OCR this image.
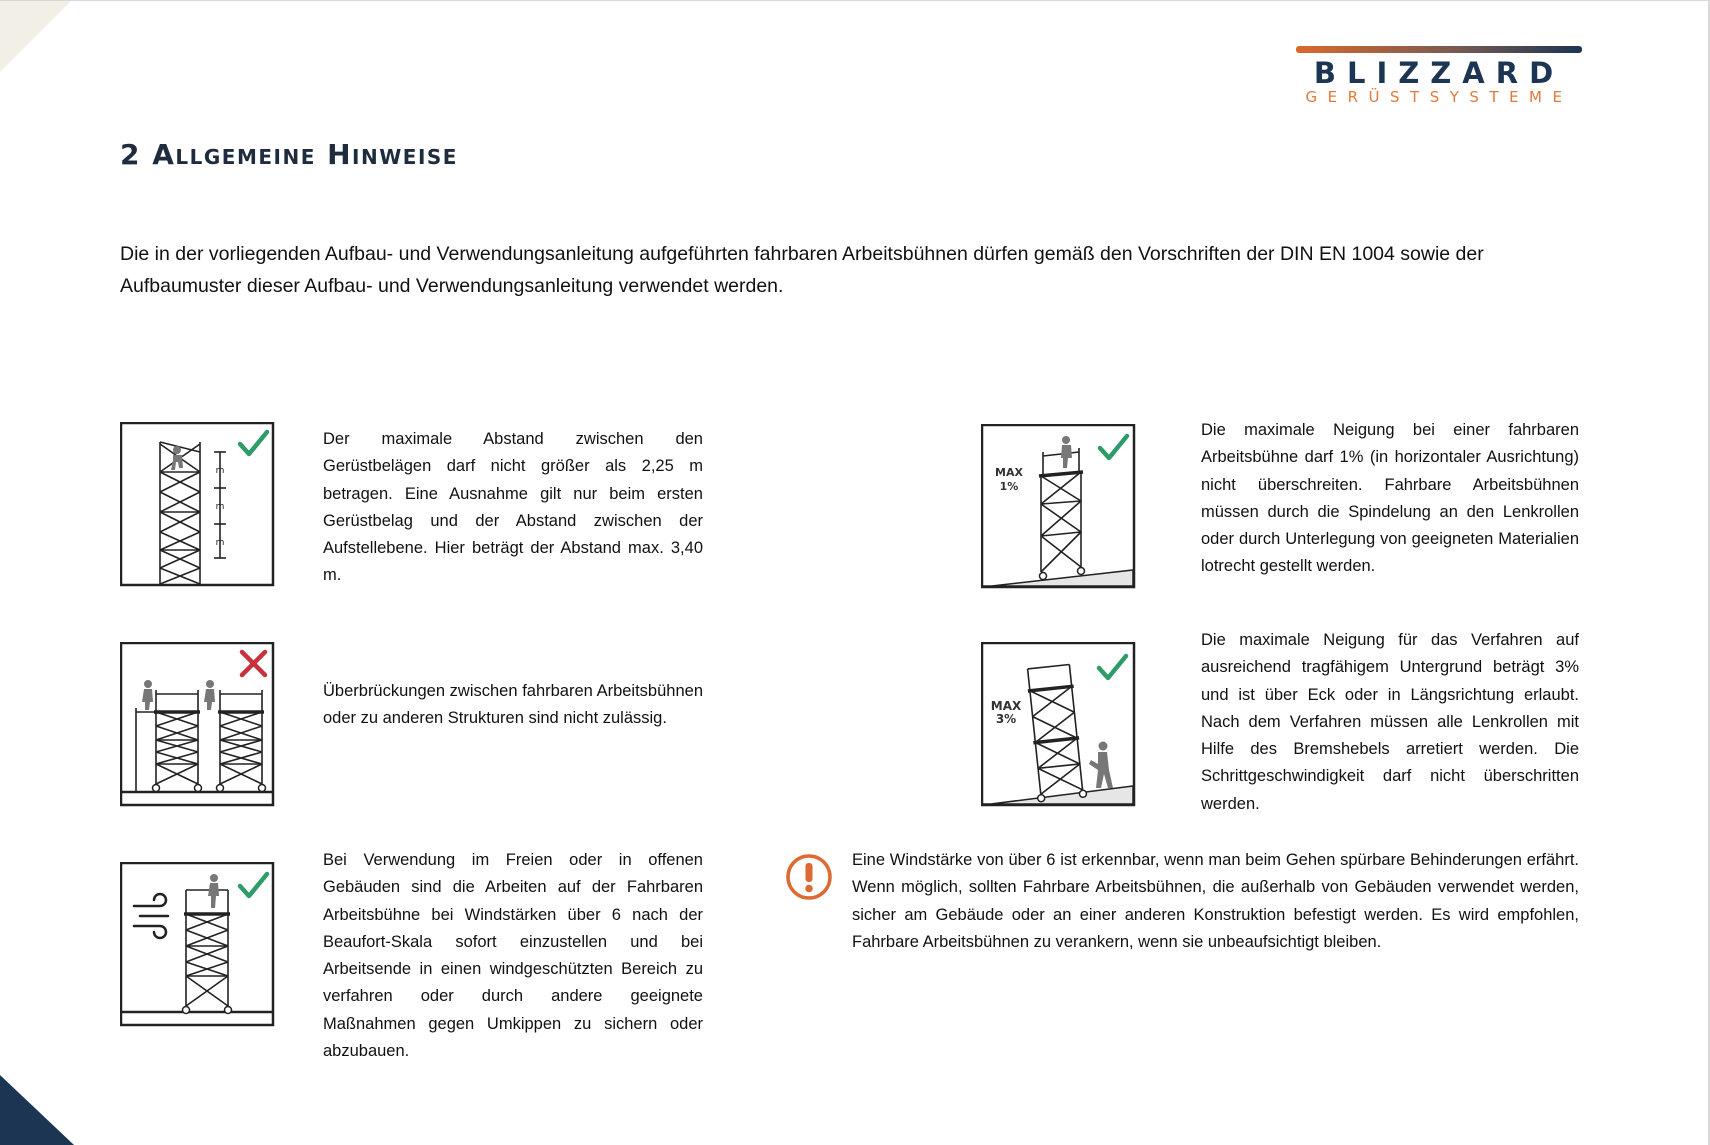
BLIZZARD
GERÜSTSYSTEME
2 Allgemeine Hinweise

Die in der vorliegenden Aufbau- und Verwendungsanleitung aufgeführten fahrbaren Arbeitsbühnen dürfen gemäß den Vorschriften der DIN EN 1004 sowie der Aufbaumuster dieser Aufbau- und Verwendungsanleitung verwendet werden.

m
m
m

Der maximale Abstand zwischen den Gerüstbelägen darf nicht größer als 2,25 m betragen. Eine Ausnahme gilt nur beim ersten Gerüstbelag und der Abstand zwischen der Aufstellebene. Hier beträgt der Abstand max. 3,40 m.

MAX
1%

Die maximale Neigung bei einer fahrbaren Arbeitsbühne darf 1% (in horizontaler Ausrichtung) nicht überschreiten. Fahrbare Arbeitsbühnen müssen durch die Spindelung an den Lenkrollen oder durch Unterlegung von geeigneten Materialien lotrecht gestellt werden.

Überbrückungen zwischen fahrbaren Arbeitsbühnen oder zu anderen Strukturen sind nicht zulässig.

MAX
3%

Die maximale Neigung für das Verfahren auf ausreichend tragfähigem Untergrund beträgt 3% und ist über Eck oder in Längsrichtung erlaubt. Nach dem Verfahren müssen alle Lenkrollen mit Hilfe des Bremshebels arretiert werden. Die Schrittgeschwindigkeit darf nicht überschritten werden.

Bei Verwendung im Freien oder in offenen Gebäuden sind die Arbeiten auf der Fahrbaren Arbeitsbühne bei Windstärken über 6 nach der Beaufort-Skala sofort einzustellen und bei Arbeitsende in einen windgeschützten Bereich zu verfahren oder durch andere geeignete Maßnahmen gegen Umkippen zu sichern oder abzubauen.

Eine Windstärke von über 6 ist erkennbar, wenn man beim Gehen spürbare Behinderungen erfährt. Wenn möglich, sollten Fahrbare Arbeitsbühnen, die außerhalb von Gebäuden verwendet werden, sicher am Gebäude oder an einer anderen Konstruktion befestigt werden. Es wird empfohlen, Fahrbare Arbeitsbühnen zu verankern, wenn sie unbeaufsichtigt bleiben.
